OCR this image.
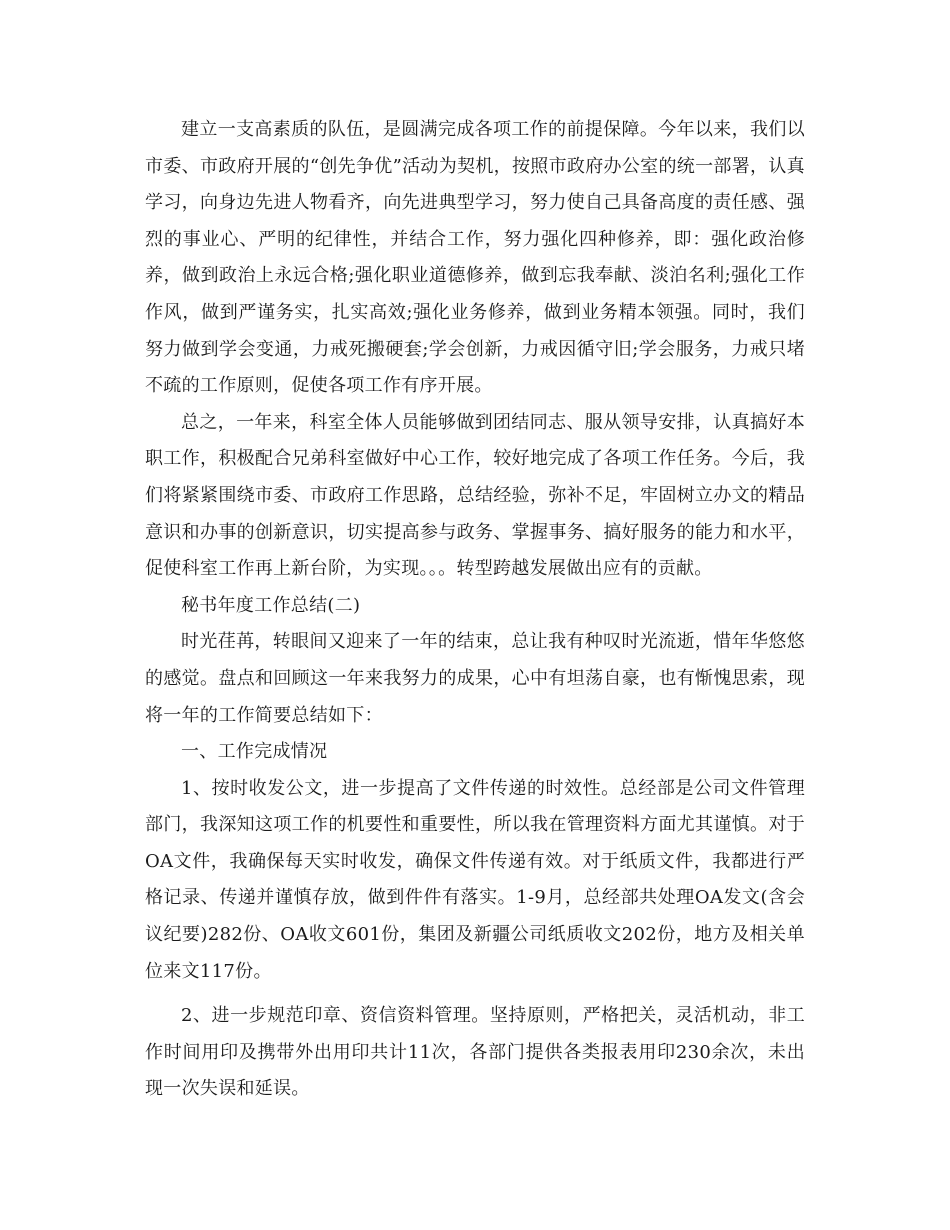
建立一支高素质的队伍，是圆满完成各项工作的前提保障。今年以来，我们以市委、市政府开展的“创先争优”活动为契机，按照市政府办公室的统一部署，认真学习，向身边先进人物看齐，向先进典型学习，努力使自己具备高度的责任感、强烈的事业心、严明的纪律性，并结合工作，努力强化四种修养，即：强化政治修养，做到政治上永远合格;强化职业道德修养，做到忘我奉献、淡泊名利;强化工作作风，做到严谨务实，扎实高效;强化业务修养，做到业务精本领强。同时，我们努力做到学会变通，力戒死搬硬套;学会创新，力戒因循守旧;学会服务，力戒只堵不疏的工作原则，促使各项工作有序开展。

总之，一年来，科室全体人员能够做到团结同志、服从领导安排，认真搞好本职工作，积极配合兄弟科室做好中心工作，较好地完成了各项工作任务。今后，我们将紧紧围绕市委、市政府工作思路，总结经验，弥补不足，牢固树立办文的精品意识和办事的创新意识，切实提高参与政务、掌握事务、搞好服务的能力和水平，促使科室工作再上新台阶，为实现。。。转型跨越发展做出应有的贡献。

秘书年度工作总结(二)

时光荏苒，转眼间又迎来了一年的结束，总让我有种叹时光流逝，惜年华悠悠的感觉。盘点和回顾这一年来我努力的成果，心中有坦荡自豪，也有惭愧思索，现将一年的工作简要总结如下：

一、工作完成情况

1、按时收发公文，进一步提高了文件传递的时效性。总经部是公司文件管理部门，我深知这项工作的机要性和重要性，所以我在管理资料方面尤其谨慎。对于OA文件，我确保每天实时收发，确保文件传递有效。对于纸质文件，我都进行严格记录、传递并谨慎存放，做到件件有落实。1-9月，总经部共处理OA发文(含会议纪要)282份、OA收文601份，集团及新疆公司纸质收文202份，地方及相关单位来文117份。

2、进一步规范印章、资信资料管理。坚持原则，严格把关，灵活机动，非工作时间用印及携带外出用印共计11次，各部门提供各类报表用印230余次，未出现一次失误和延误。
